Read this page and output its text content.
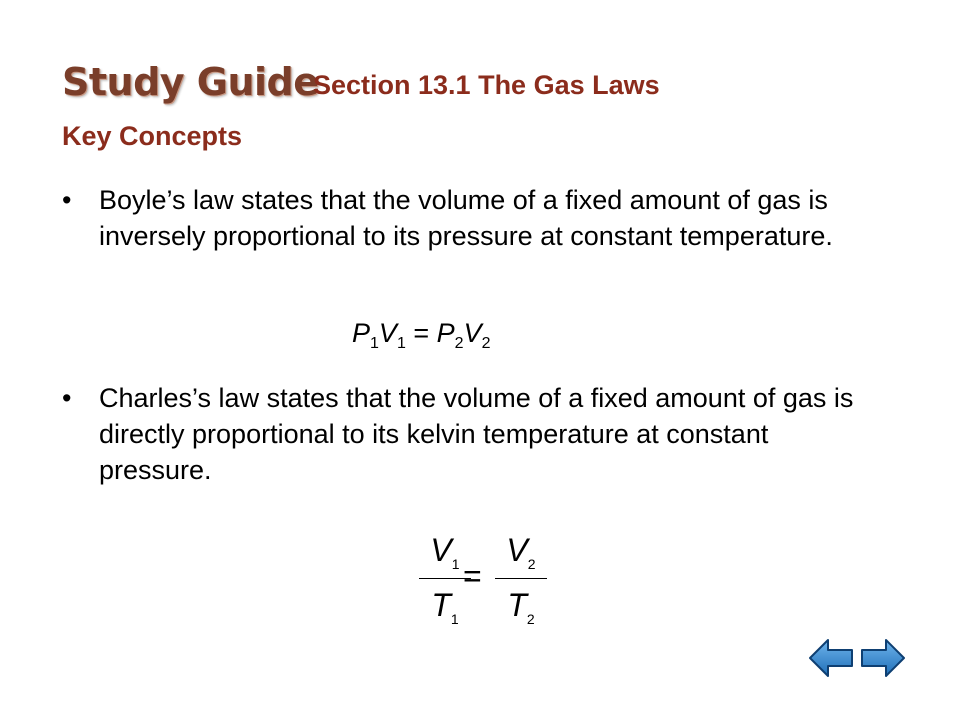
Study Guide
Section 13.1 The Gas Laws
Key Concepts
• Boyle’s law states that the volume of a fixed amount of gas is inversely proportional to its pressure at constant temperature.
$P_1V_1 = P_2V_2$
• Charles’s law states that the volume of a fixed amount of gas is directly proportional to its kelvin temperature at constant pressure.
$V_1$
$T_1$
=
$V_2$
$T_2$
